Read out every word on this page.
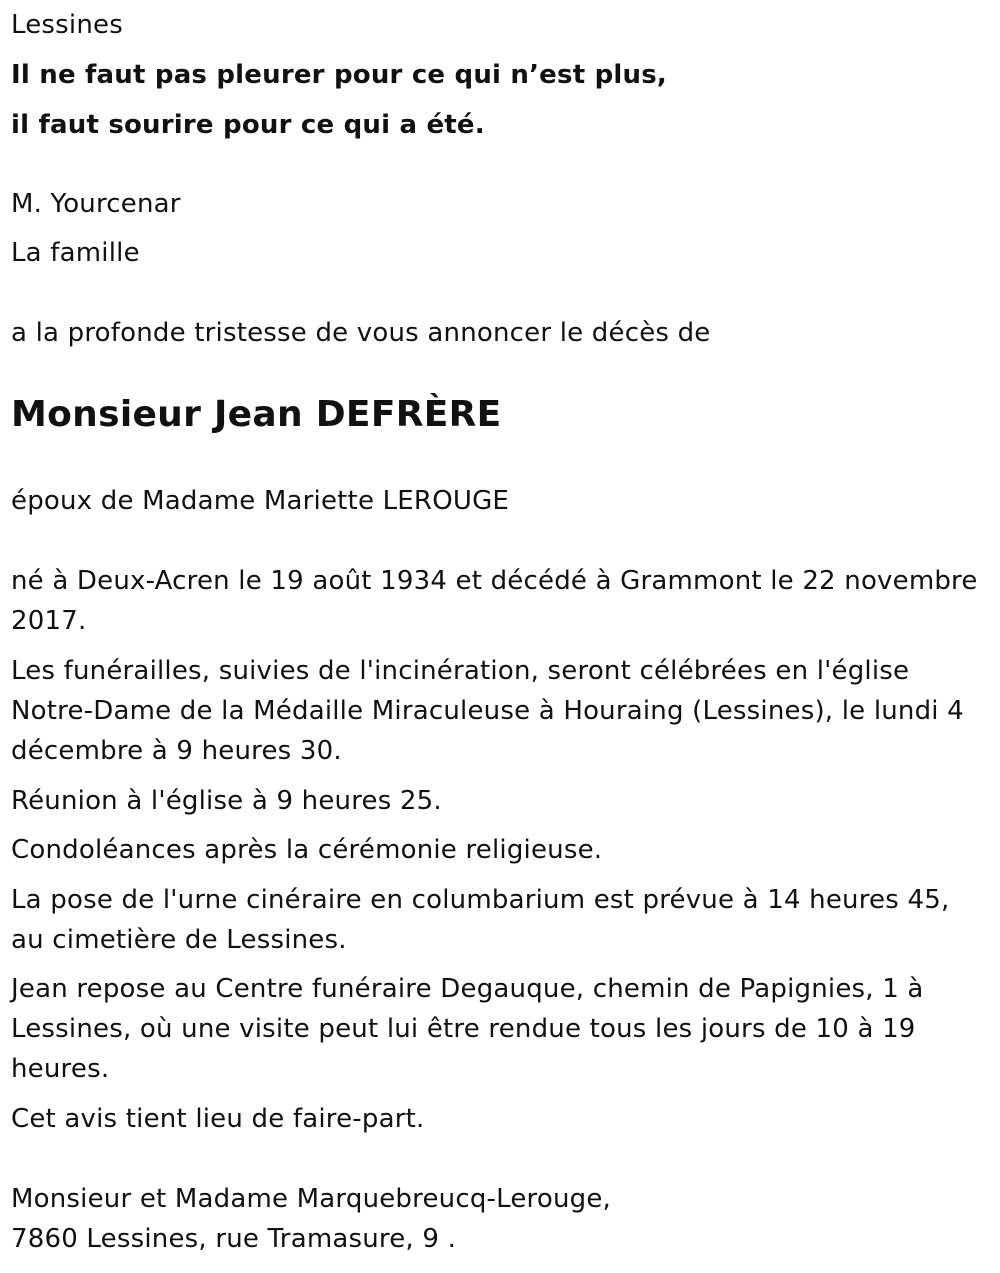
Lessines

Il ne faut pas pleurer pour ce qui n’est plus,

il faut sourire pour ce qui a été.

M. Yourcenar

La famille

a la profonde tristesse de vous annoncer le décès de

Monsieur Jean DEFRÈRE

époux de Madame Mariette LEROUGE

né à Deux-Acren le 19 août 1934 et décédé à Grammont le 22 novembre
2017.
Les funérailles, suivies de l'incinération, seront célébrées en l'église
Notre-Dame de la Médaille Miraculeuse à Houraing (Lessines), le lundi 4
décembre à 9 heures 30.
Réunion à l'église à 9 heures 25.
Condoléances après la cérémonie religieuse.
La pose de l'urne cinéraire en columbarium est prévue à 14 heures 45,
au cimetière de Lessines.
Jean repose au Centre funéraire Degauque, chemin de Papignies, 1 à
Lessines, où une visite peut lui être rendue tous les jours de 10 à 19
heures.
Cet avis tient lieu de faire-part.
Monsieur et Madame Marquebreucq-Lerouge,
7860 Lessines, rue Tramasure, 9 .
